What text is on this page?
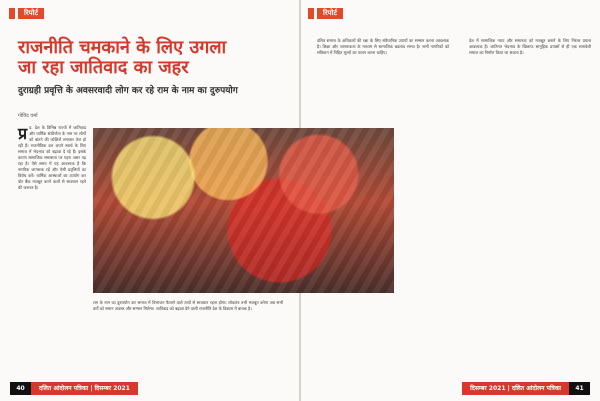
रिपोर्ट
राजनीति चमकाने के लिए उगला
जा रहा जातिवाद का जहर
दुराग्रही प्रवृत्ति के अवसरवादी लोग कर रहे राम के नाम का दुरुपयोग
गोविंद वर्मा
प्र प्र. देश के विभिन्न राज्यों में जातिवाद और धार्मिक संकीर्णता के नाम पर लोगों को बांटने की कोशिशें लगातार तेज हो रही हैं। राजनीतिक दल अपने स्वार्थ के लिए समाज में भेदभाव को बढ़ावा दे रहे हैं। इसके कारण सामाजिक समरसता पर गहरा असर पड़ रहा है। ऐसे समय में यह आवश्यक है कि नागरिक जागरूक रहें और ऐसी प्रवृत्तियों का विरोध करें। धार्मिक आस्थाओं का उपयोग कर वोट बैंक मजबूत करने वालों से सावधान रहने की जरूरत है।
राम के नाम का दुरुपयोग कर समाज में विभाजन फैलाने वाले तत्वों से सावधान रहना होगा। लोकतंत्र तभी मजबूत बनेगा जब सभी वर्गों को समान अवसर और सम्मान मिलेगा। जातिवाद को बढ़ावा देने वाली राजनीति देश के विकास में बाधक है।
40	दलित आंदोलन पत्रिका | दिसम्बर 2021
रिपोर्ट
दलित समाज के अधिकारों की रक्षा के लिए संवैधानिक उपायों का सम्मान करना आवश्यक है। शिक्षा और जागरूकता के माध्यम से सामाजिक बदलाव संभव है। सभी नागरिकों को संविधान में निहित मूल्यों का पालन करना चाहिए।
देश में सामाजिक न्याय और समानता को मजबूत बनाने के लिए निरंतर प्रयास आवश्यक हैं। जातिगत भेदभाव के खिलाफ सामूहिक प्रयासों से ही एक समावेशी समाज का निर्माण किया जा सकता है।
दिसम्बर 2021 | दलित आंदोलन पत्रिका	41
